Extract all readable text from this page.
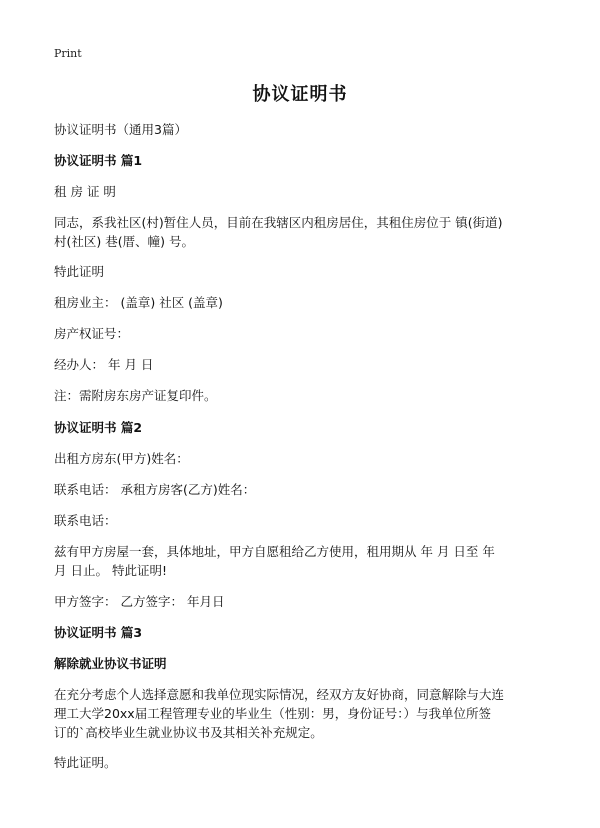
Print
协议证明书
协议证明书（通用3篇）
协议证明书 篇1
租 房 证 明
同志，系我社区(村)暂住人员，目前在我辖区内租房居住，其租住房位于 镇(街道)
村(社区) 巷(厝、幢) 号。
特此证明
租房业主： (盖章) 社区 (盖章)
房产权证号：
经办人： 年 月 日
注：需附房东房产证复印件。
协议证明书 篇2
出租方房东(甲方)姓名：
联系电话： 承租方房客(乙方)姓名：
联系电话：
兹有甲方房屋一套，具体地址，甲方自愿租给乙方使用，租用期从 年 月 日至 年
月 日止。 特此证明!
甲方签字： 乙方签字： 年月日
协议证明书 篇3
解除就业协议书证明
在充分考虑个人选择意愿和我单位现实际情况，经双方友好协商，同意解除与大连
理工大学20xx届工程管理专业的毕业生（性别：男，身份证号：）与我单位所签
订的`高校毕业生就业协议书及其相关补充规定。
特此证明。
